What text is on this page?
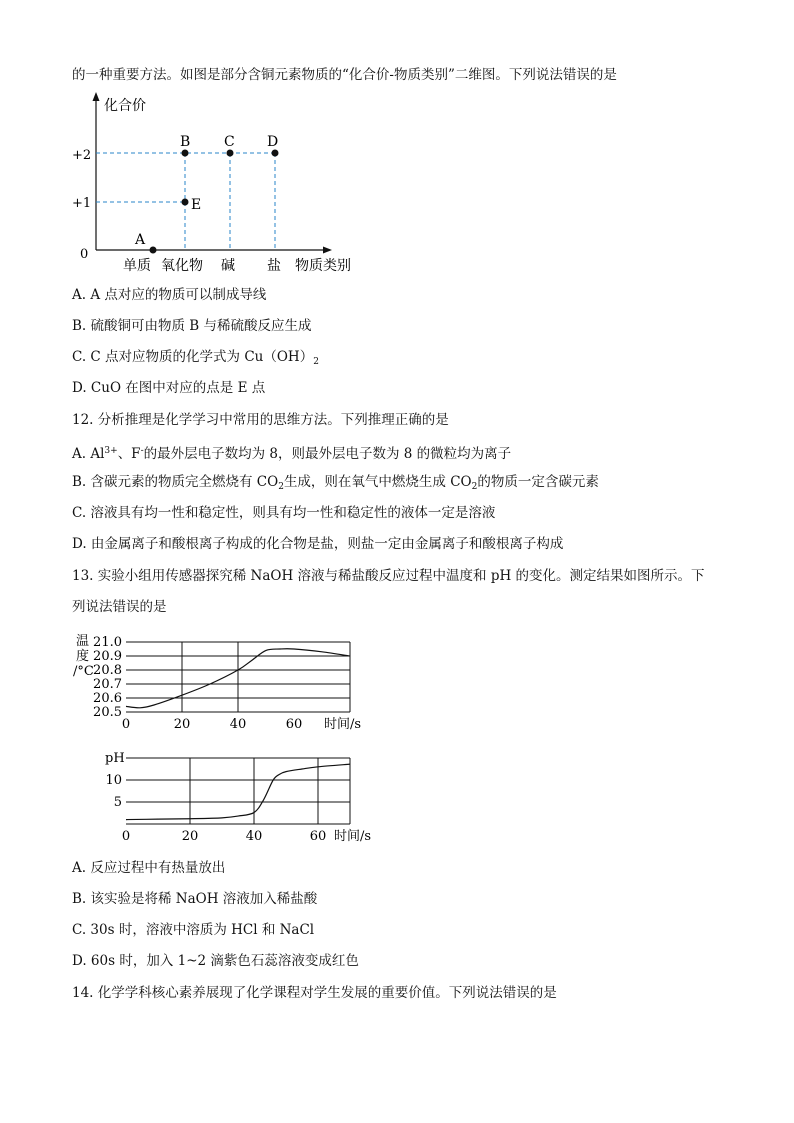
的一种重要方法。如图是部分含铜元素物质的“化合价-物质类别”二维图。下列说法错误的是
化合价
+2
+1
0
A
B C D
E
单质 氧化物 碱 盐 物质类别
A. A 点对应的物质可以制成导线
B. 硫酸铜可由物质 B 与稀硫酸反应生成
C. C 点对应物质的化学式为 $Cu(OH)_2$
D. CuO 在图中对应的点是 E 点
12. 分析推理是化学学习中常用的思维方法。下列推理正确的是
A. $Al^{3+}$、F-的最外层电子数均为 8，则最外层电子数为 8 的微粒均为离子
B. 含碳元素的物质完全燃烧有 $CO_2$生成，则在氧气中燃烧生成 $CO_2$的物质一定含碳元素
C. 溶液具有均一性和稳定性，则具有均一性和稳定性的液体一定是溶液
D. 由金属离子和酸根离子构成的化合物是盐，则盐一定由金属离子和酸根离子构成
13. 实验小组用传感器探究稀 NaOH 溶液与稀盐酸反应过程中温度和 pH 的变化。测定结果如图所示。下
列说法错误的是
温
度
/°C
时间/s
21.0
20.9
20.8
20.7
20.6
20.5
0	20	40	60
pH
时间/s
10
5
0	20	40	60
A. 反应过程中有热量放出
B. 该实验是将稀 NaOH 溶液加入稀盐酸
C. 30s 时，溶液中溶质为 HCl 和 NaCl
D. 60s 时，加入 1~2 滴紫色石蕊溶液变成红色
14. 化学学科核心素养展现了化学课程对学生发展的重要价值。下列说法错误的是
